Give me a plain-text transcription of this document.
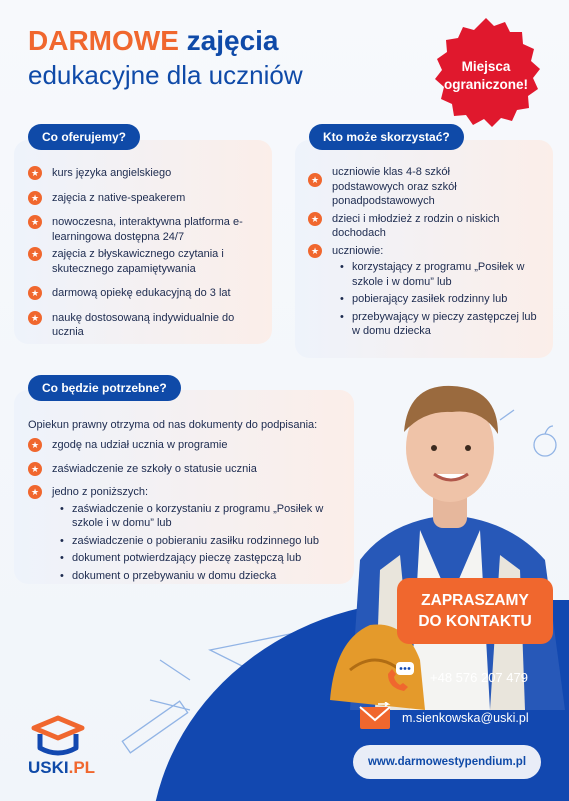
DARMOWE zajęcia
edukacyjne dla uczniów	Miejsca
ograniczone!
Co oferujemy?
★ kurs języka angielskiego
★ zajęcia z native-speakerem
★ nowoczesna, interaktywna platforma e-learningowa dostępna 24/7
★ zajęcia z błyskawicznego czytania i skutecznego zapamiętywania
★ darmową opiekę edukacyjną do 3 lat
★ naukę dostosowaną indywidualnie do ucznia
Kto może skorzystać?
★
uczniowie klas 4-8 szkół podstawowych oraz szkół ponadpodstawowych
★ dzieci i młodzież z rodzin o niskich dochodach
★ uczniowie:
• korzystający z programu „Posiłek w szkole i w domu” lub
• pobierający zasiłek rodzinny lub
• przebywający w pieczy zastępczej lub w domu dziecka
Co będzie potrzebne?
Opiekun prawny otrzyma od nas dokumenty do podpisania:
★ zgodę na udział ucznia w programie
★ zaświadczenie ze szkoły o statusie ucznia
★ jedno z poniższych:
• zaświadczenie o korzystaniu z programu „Posiłek w szkole i w domu” lub
• zaświadczenie o pobieraniu zasiłku rodzinnego lub
• dokument potwierdzający pieczę zastępczą lub
• dokument o przebywaniu w domu dziecka
ZAPRASZAMY
DO KONTAKTU
+48 576 207 479
m.sienkowska@uski.pl
www.darmowestypendium.pl
USKI.PL
